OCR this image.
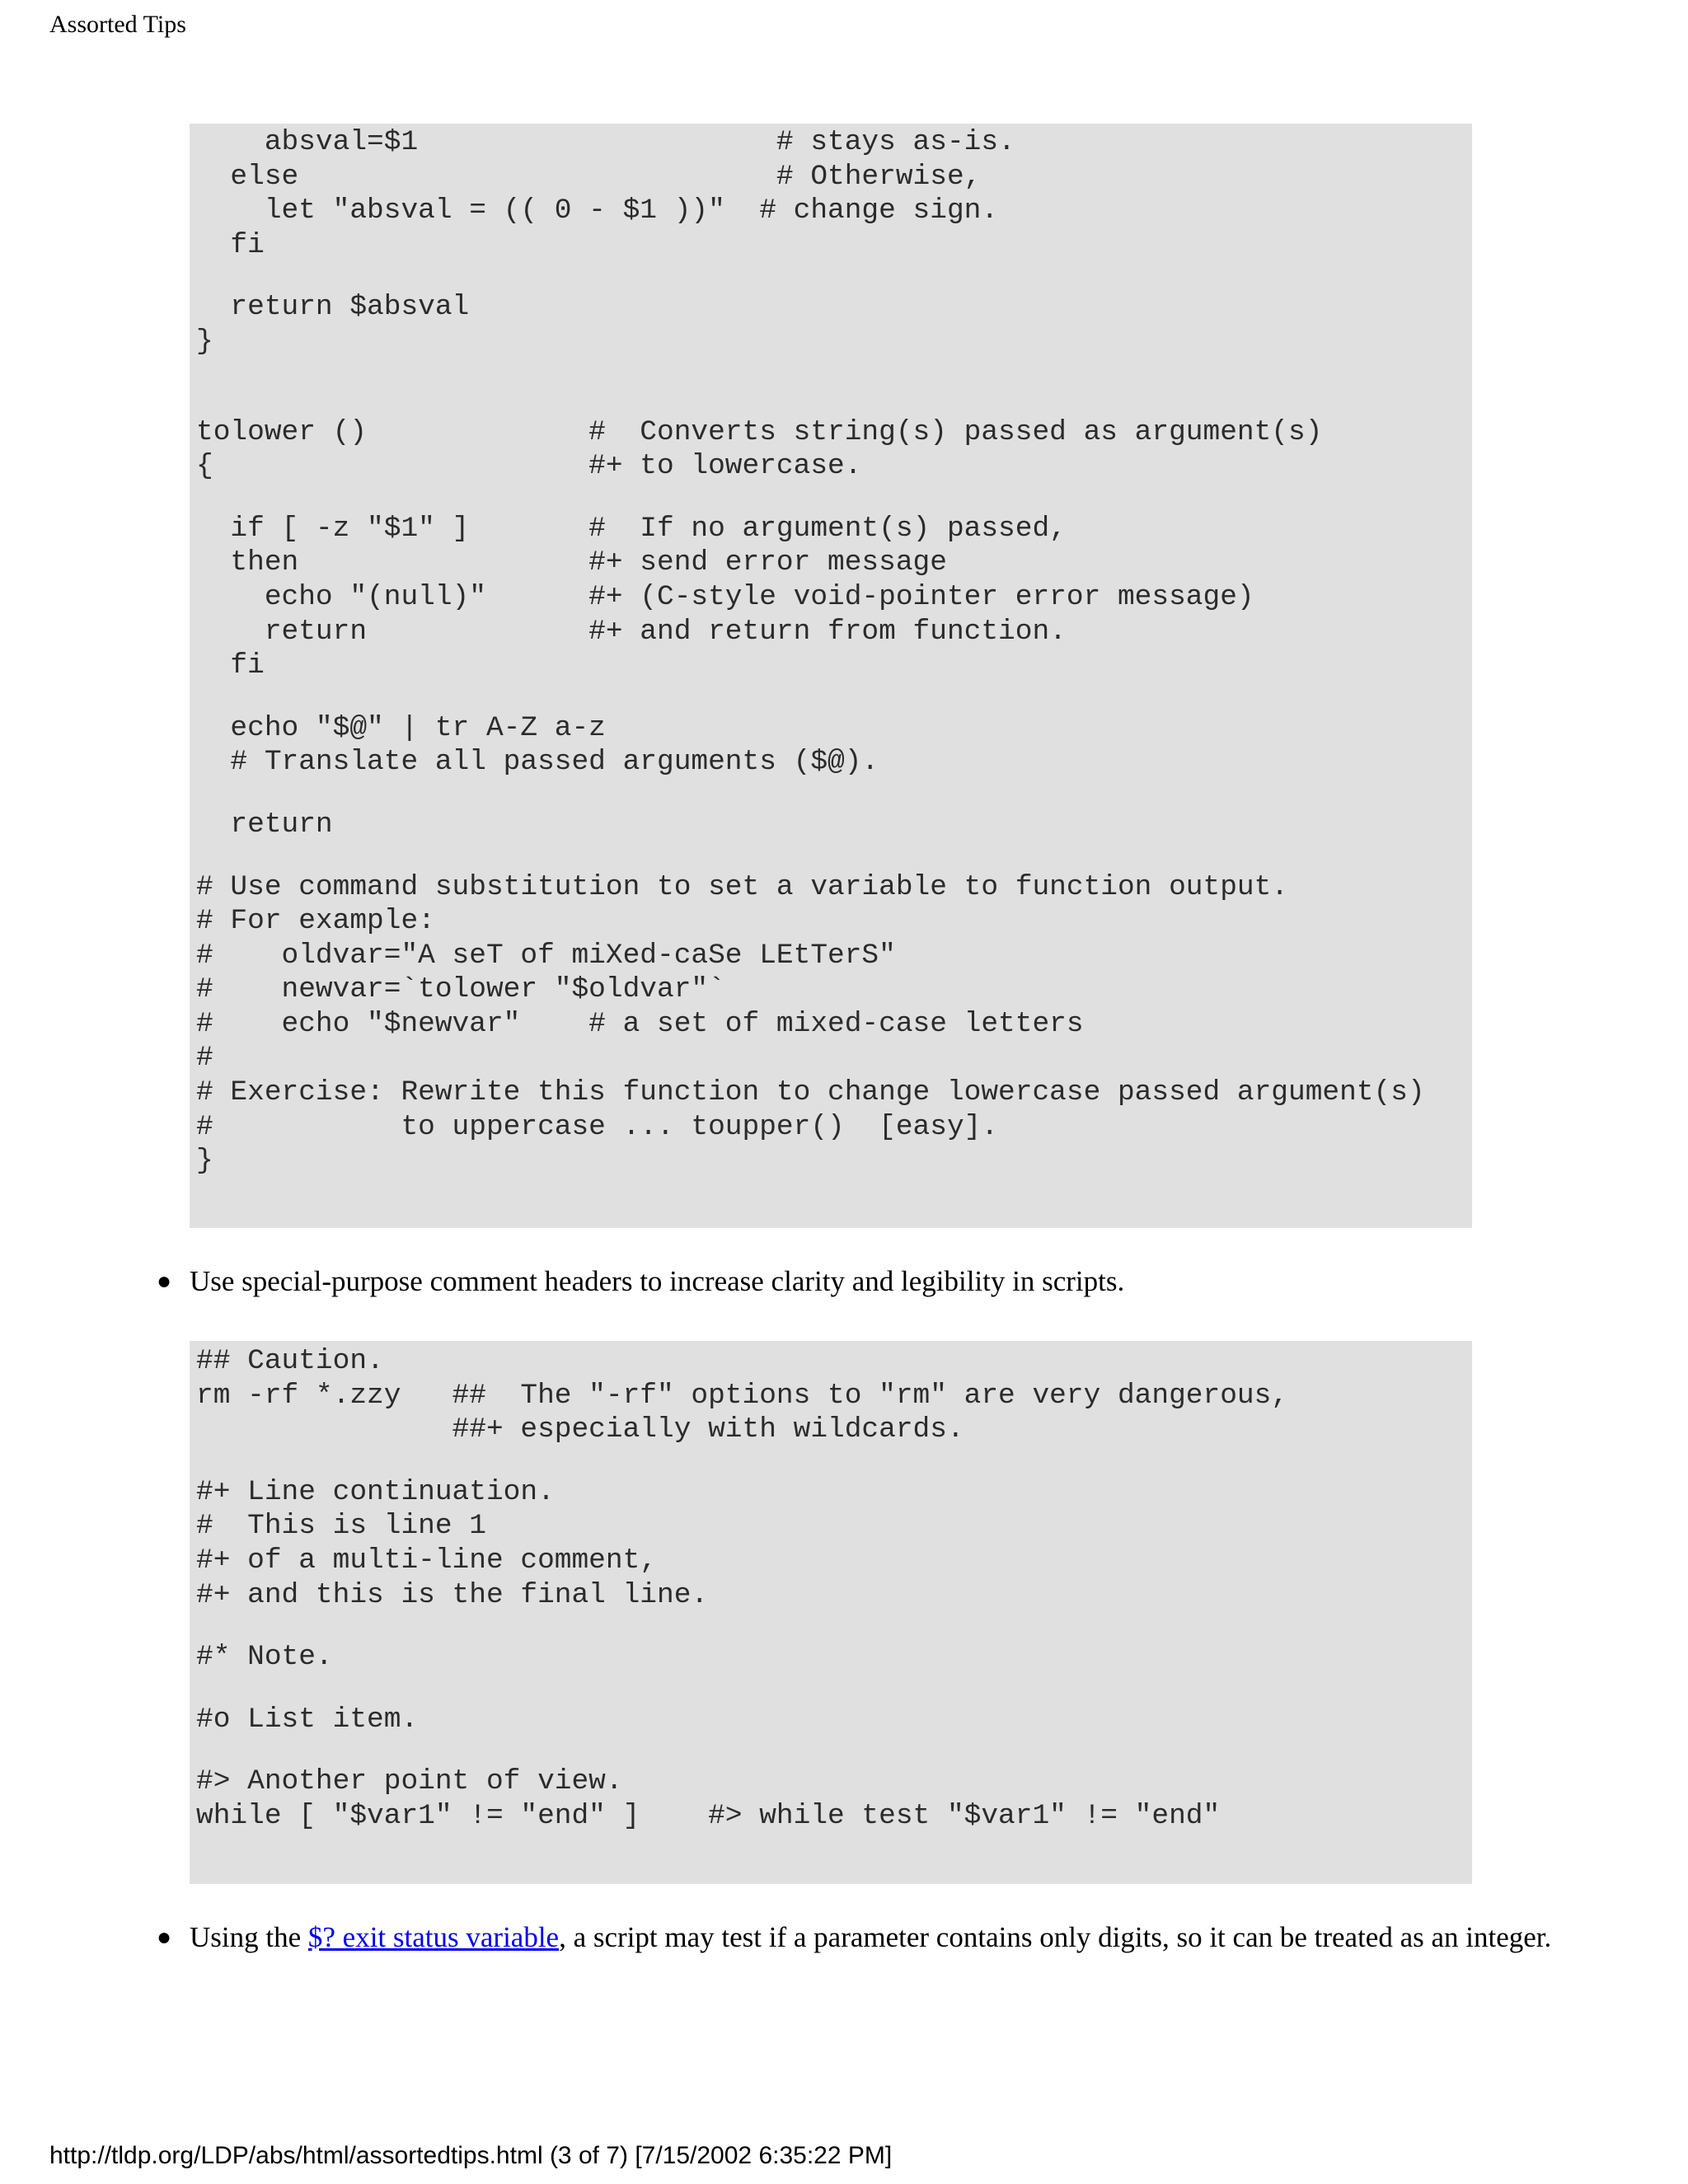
Assorted Tips

absval=$1                     # stays as-is.
else                            # Otherwise,
let "absval = (( 0 - $1 ))"  # change sign.
fi
return $absval
}
tolower ()             #  Converts string(s) passed as argument(s)
{                      #+ to lowercase.
if [ -z "$1" ]       #  If no argument(s) passed,
then                 #+ send error message
echo "(null)"      #+ (C-style void-pointer error message)
return             #+ and return from function.
fi
echo "$@" | tr A-Z a-z
# Translate all passed arguments ($@).
return
# Use command substitution to set a variable to function output.
# For example:
#    oldvar="A seT of miXed-caSe LEtTerS"
#    newvar=`tolower "$oldvar"`
#    echo "$newvar"    # a set of mixed-case letters
#
# Exercise: Rewrite this function to change lowercase passed argument(s)
#           to uppercase ... toupper()  [easy].
}

● Use special-purpose comment headers to increase clarity and legibility in scripts.

## Caution.
rm -rf *.zzy   ##  The "-rf" options to "rm" are very dangerous,
##+ especially with wildcards.
#+ Line continuation.
#  This is line 1
#+ of a multi-line comment,
#+ and this is the final line.
#* Note.
#o List item.
#> Another point of view.
while [ "$var1" != "end" ]    #> while test "$var1" != "end"

● Using the $? exit status variable, a script may test if a parameter contains only digits, so it can be treated as an integer.
http://tldp.org/LDP/abs/html/assortedtips.html (3 of 7) [7/15/2002 6:35:22 PM]
